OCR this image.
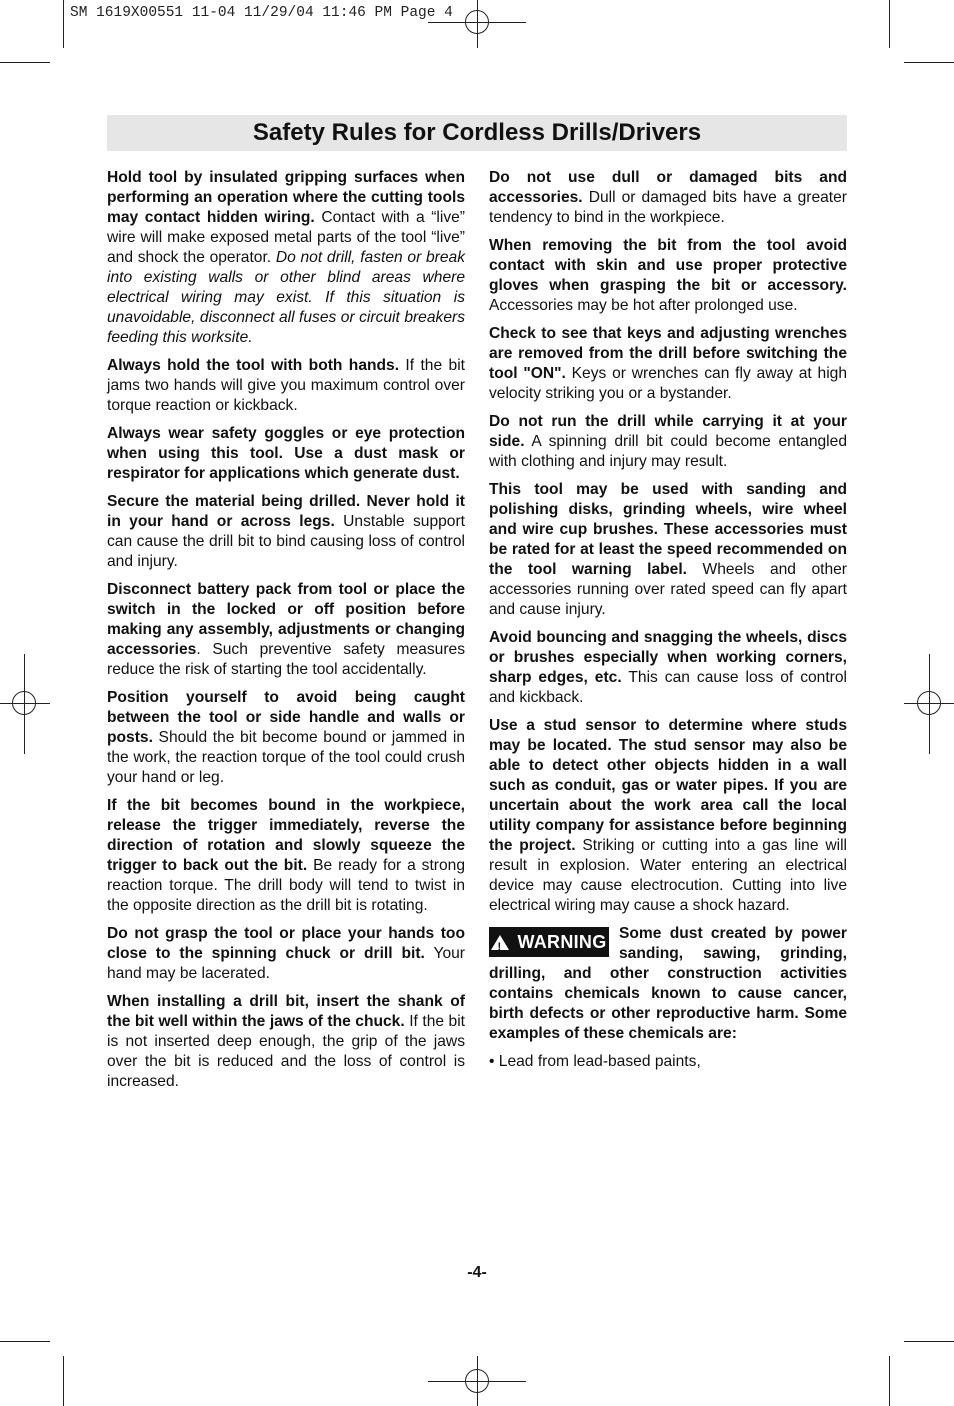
SM 1619X00551 11-04 11/29/04 11:46 PM Page 4
Safety Rules for Cordless Drills/Drivers

Hold tool by insulated gripping surfaces when performing an operation where the cutting tools may contact hidden wiring. Contact with a “live” wire will make exposed metal parts of the tool “live” and shock the operator. Do not drill, fasten or break into existing walls or other blind areas where electrical wiring may exist. If this situation is unavoidable, disconnect all fuses or circuit breakers feeding this worksite.

Always hold the tool with both hands. If the bit jams two hands will give you maximum control over torque reaction or kickback.

Always wear safety goggles or eye protection when using this tool. Use a dust mask or respirator for applications which generate dust.

Secure the material being drilled. Never hold it in your hand or across legs. Unstable support can cause the drill bit to bind causing loss of control and injury.

Disconnect battery pack from tool or place the switch in the locked or off position before making any assembly, adjustments or changing accessories. Such preventive safety measures reduce the risk of starting the tool accidentally.

Position yourself to avoid being caught between the tool or side handle and walls or posts. Should the bit become bound or jammed in the work, the reaction torque of the tool could crush your hand or leg.

If the bit becomes bound in the workpiece, release the trigger immediately, reverse the direction of rotation and slowly squeeze the trigger to back out the bit. Be ready for a strong reaction torque. The drill body will tend to twist in the opposite direction as the drill bit is rotating.

Do not grasp the tool or place your hands too close to the spinning chuck or drill bit. Your hand may be lacerated.

When installing a drill bit, insert the shank of the bit well within the jaws of the chuck. If the bit is not inserted deep enough, the grip of the jaws over the bit is reduced and the loss of control is increased.

Do not use dull or damaged bits and accessories. Dull or damaged bits have a greater tendency to bind in the workpiece.

When removing the bit from the tool avoid contact with skin and use proper protective gloves when grasping the bit or accessory. Accessories may be hot after prolonged use.

Check to see that keys and adjusting wrenches are removed from the drill before switching the tool "ON". Keys or wrenches can fly away at high velocity striking you or a bystander.

Do not run the drill while carrying it at your side. A spinning drill bit could become entangled with clothing and injury may result.

This tool may be used with sanding and polishing disks, grinding wheels, wire wheel and wire cup brushes. These accessories must be rated for at least the speed recommended on the tool warning label. Wheels and other accessories running over rated speed can fly apart and cause injury.

Avoid bouncing and snagging the wheels, discs or brushes especially when working corners, sharp edges, etc. This can cause loss of control and kickback.

Use a stud sensor to determine where studs may be located. The stud sensor may also be able to detect other objects hidden in a wall such as conduit, gas or water pipes. If you are uncertain about the work area call the local utility company for assistance before beginning the project. Striking or cutting into a gas line will result in explosion. Water entering an electrical device may cause electrocution. Cutting into live electrical wiring may cause a shock hazard.

! WARNING Some dust created by power sanding, sawing, grinding, drilling, and other construction activities contains chemicals known to cause cancer, birth defects or other reproductive harm. Some examples of these chemicals are:

• Lead from lead-based paints,

-4-
